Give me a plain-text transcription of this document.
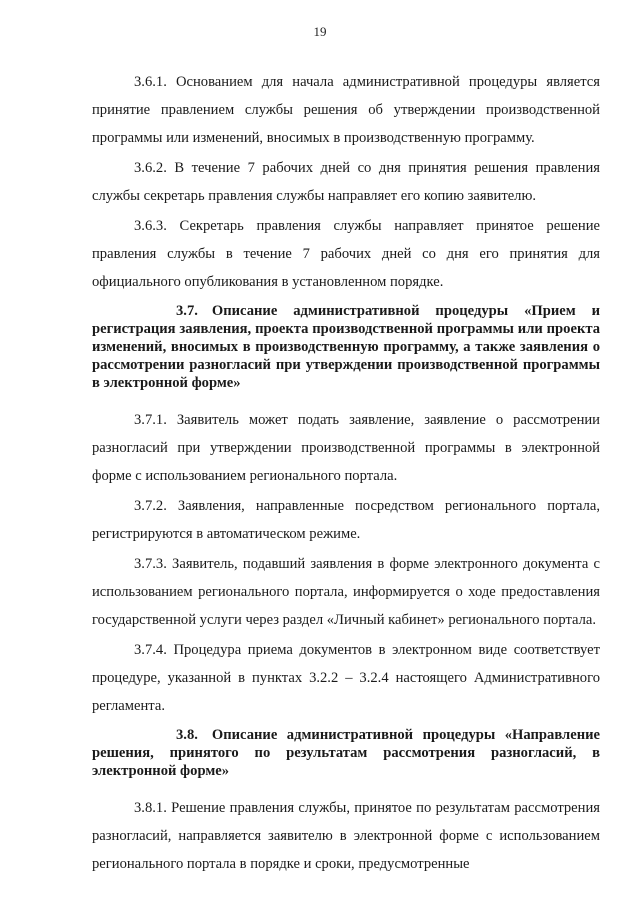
19

3.6.1. Основанием для начала административной процедуры является принятие правлением службы решения об утверждении производственной программы или изменений, вносимых в производственную программу.

3.6.2. В течение 7 рабочих дней со дня принятия решения правления службы секретарь правления службы направляет его копию заявителю.

3.6.3. Секретарь правления службы направляет принятое решение правления службы в течение 7 рабочих дней со дня его принятия для официального опубликования в установленном порядке.

3.7. Описание административной процедуры «Прием и регистрация заявления, проекта производственной программы или проекта изменений, вносимых в производственную программу, а также заявления о рассмотрении разногласий при утверждении производственной программы в электронной форме»

3.7.1. Заявитель может подать заявление, заявление о рассмотрении разногласий при утверждении производственной программы в электронной форме с использованием регионального портала.

3.7.2. Заявления, направленные посредством регионального портала, регистрируются в автоматическом режиме.

3.7.3. Заявитель, подавший заявления в форме электронного документа с использованием регионального портала, информируется о ходе предоставления государственной услуги через раздел «Личный кабинет» регионального портала.

3.7.4. Процедура приема документов в электронном виде соответствует процедуре, указанной в пунктах 3.2.2 – 3.2.4 настоящего Административного регламента.

3.8. Описание административной процедуры «Направление решения, принятого по результатам рассмотрения разногласий, в электронной форме»

3.8.1. Решение правления службы, принятое по результатам рассмотрения разногласий, направляется заявителю в электронной форме с использованием регионального портала в порядке и сроки, предусмотренные
